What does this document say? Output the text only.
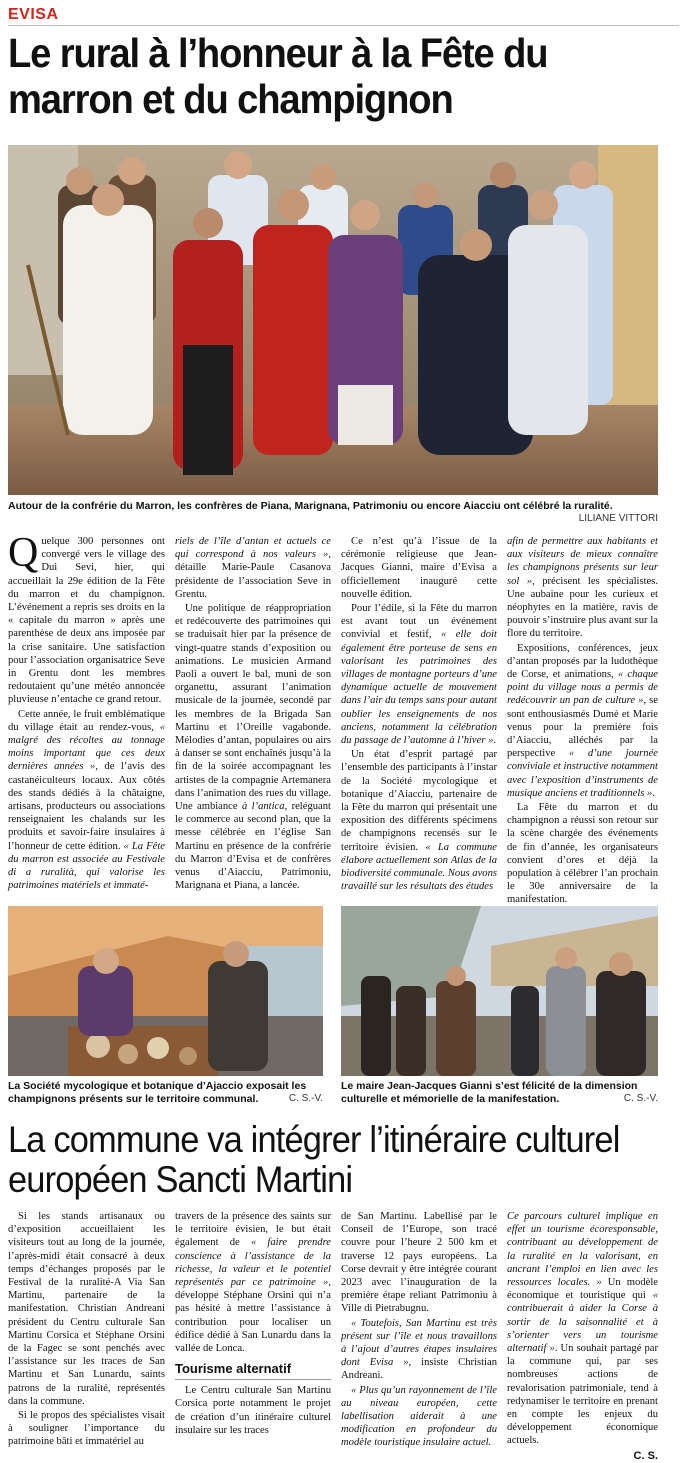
EVISA
Le rural à l’honneur à la Fête du marron et du champignon
Autour de la confrérie du Marron, les confrères de Piana, Marignana, Patrimoniu ou encore Aiacciu ont célébré la ruralité.
LILIANE VITTORI

Quelque 300 personnes ont convergé vers le village des Dui Sevi, hier, qui accueillait la 29e édition de la Fête du marron et du champignon. L’événement a repris ses droits en la « capitale du marron » après une parenthèse de deux ans imposée par la crise sanitaire. Une satisfaction pour l’association organisatrice Seve in Grentu dont les membres redoutaient qu’une météo annoncée pluvieuse n’entache ce grand retour.

Cette année, le fruit emblématique du village était au rendez-vous, « malgré des récoltes au tonnage moins important que ces deux dernières années », de l’avis des castanéiculteurs locaux. Aux côtés des stands dédiés à la châtaigne, artisans, producteurs ou associations renseignaient les chalands sur les produits et savoir-faire insulaires à l’honneur de cette édition. « La Fête du marron est associée au Festivale di a ruralità, qui valorise les patrimoines matériels et immaté-

riels de l’île d’antan et actuels ce qui correspond à nos valeurs », détaille Marie-Paule Casanova présidente de l’association Seve in Grentu.

Une politique de réappropriation et redécouverte des patrimoines qui se traduisait hier par la présence de vingt-quatre stands d’exposition ou animations. Le musicien Armand Paoli a ouvert le bal, muni de son organettu, assurant l’animation musicale de la journée, secondé par les membres de la Brigada San Martinu et l’Oreille vagabonde. Mélodies d’antan, populaires ou airs à danser se sont enchaînés jusqu’à la fin de la soirée accompagnant les artistes de la compagnie Artemanera dans l’animation des rues du village. Une ambiance à l’antica, reléguant le commerce au second plan, que la messe célébrée en l’église San Martinu en présence de la confrérie du Marron d’Evisa et de confrères venus d’Aiacciu, Patrimoniu, Marignana et Piana, a lancée.

Ce n’est qu’à l’issue de la cérémonie religieuse que Jean-Jacques Gianni, maire d’Evisa a officiellement inauguré cette nouvelle édition.

Pour l’édile, si la Fête du marron est avant tout un événement convivial et festif, « elle doit également être porteuse de sens en valorisant les patrimoines des villages de montagne porteurs d’une dynamique actuelle de mouvement dans l’air du temps sans pour autant oublier les enseignements de nos anciens, notamment la célébration du passage de l’automne à l’hiver ».

Un état d’esprit partagé par l’ensemble des participants à l’instar de la Société mycologique et botanique d’Aiacciu, partenaire de la Fête du marron qui présentait une exposition des différents spécimens de champignons recensés sur le territoire évisien. « La commune élabore actuellement son Atlas de la biodiversité communale. Nous avons travaillé sur les résultats des études

afin de permettre aux habitants et aux visiteurs de mieux connaître les champignons présents sur leur sol », précisent les spécialistes. Une aubaine pour les curieux et néophytes en la matière, ravis de pouvoir s’instruire plus avant sur la flore du territoire.

Expositions, conférences, jeux d’antan proposés par la ludothèque de Corse, et animations, « chaque point du village nous a permis de redécouvrir un pan de culture », se sont enthousiasmés Dumè et Marie venus pour la première fois d’Aiacciu, alléchés par la perspective « d’une journée conviviale et instructive notamment avec l’exposition d’instruments de musique anciens et traditionnels ».

La Fête du marron et du champignon a réussi son retour sur la scène chargée des événements de fin d’année, les organisateurs convient d’ores et déjà la population à célébrer l’an prochain le 30e anniversaire de la manifestation.

La Société mycologique et botanique d’Ajaccio exposait les champignons présents sur le territoire communal.	C. S.-V.
Le maire Jean-Jacques Gianni s’est félicité de la dimension culturelle et mémorielle de la manifestation.	C. S.-V.
La commune va intégrer l’itinéraire culturel européen Sancti Martini

Si les stands artisanaux ou d’exposition accueillaient les visiteurs tout au long de la journée, l’après-midi était consacré à deux temps d’échanges proposés par le Festival de la ruralité-A Via San Martinu, partenaire de la manifestation. Christian Andreani président du Centru culturale San Martinu Corsica et Stéphane Orsini de la Fagec se sont penchés avec l’assistance sur les traces de San Martinu et San Lunardu, saints patrons de la ruralité, représentés dans la commune.

Si le propos des spécialistes visait à souligner l’importance du patrimoine bâti et immatériel au

travers de la présence des saints sur le territoire évisien, le but était également de « faire prendre conscience à l’assistance de la richesse, la valeur et le potentiel représentés par ce patrimoine », développe Stéphane Orsini qui n’a pas hésité à mettre l’assistance à contribution pour localiser un édifice dédié à San Lunardu dans la vallée de Lonca.

Tourisme alternatif

Le Centru culturale San Martinu Corsica porte notamment le projet de création d’un itinéraire culturel insulaire sur les traces

de San Martinu. Labellisé par le Conseil de l’Europe, son tracé couvre pour l’heure 2 500 km et traverse 12 pays européens. La Corse devrait y être intégrée courant 2023 avec l’inauguration de la première étape reliant Patrimoniu à Ville di Pietrabugnu.

« Toutefois, San Martinu est très présent sur l’île et nous travaillons à l’ajout d’autres étapes insulaires dont Evisa », insiste Christian Andreani.

« Plus qu’un rayonnement de l’île au niveau européen, cette labellisation aiderait à une modification en profondeur du modèle touristique insulaire actuel.

Ce parcours culturel implique en effet un tourisme écoresponsable, contribuant au développement de la ruralité en la valorisant, en ancrant l’emploi en lien avec les ressources locales. » Un modèle économique et touristique qui « contribuerait à aider la Corse à sortir de la saisonnalité et à s’orienter vers un tourisme alternatif ». Un souhait partagé par la commune qui, par ses nombreuses actions de revalorisation patrimoniale, tend à redynamiser le territoire en prenant en compte les enjeux du développement économique actuels.

C. S.
